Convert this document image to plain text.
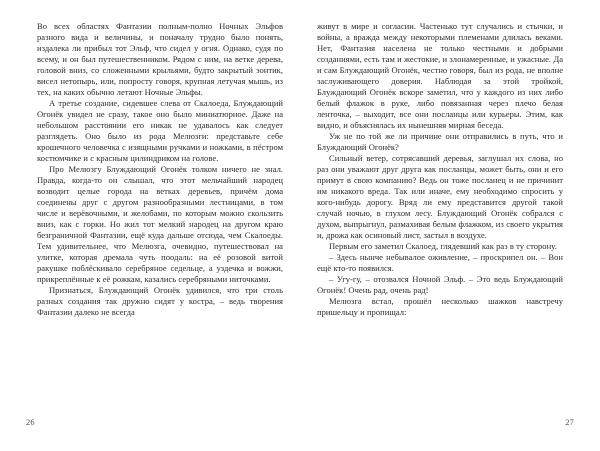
Во всех областях Фантазии полным-полно Ночных Эльфов разного вида и величины, и поначалу трудно было понять, издалека ли прибыл тот Эльф, что сидел у огня. Однако, судя по всему, и он был путешественником. Рядом с ним, на ветке дерева, головой вниз, со сложенными крыльями, будто закрытый зонтик, висел нетопырь, или, попросту говоря, крупная летучая мышь, из тех, на каких обычно летают Ночные Эльфы.

А третье создание, сидевшее слева от Скалоеда, Блуждающий Огонёк увидел не сразу, такое оно было миниатюрное. Даже на небольшом расстоянии его никак не удавалось как следует разглядеть. Оно было из рода Мелюзги: представьте себе крошечного человечка с изящными ручками и ножками, в пёстром костюмчике и с красным цилиндриком на голове.

Про Мелюзгу Блуждающий Огонёк толком ничего не знал. Правда, когда-то он слышал, что этот мельчайший народец возводит целые города на ветках деревьев, причём дома соединены друг с другом разнообразными лестницами, в том числе и верёвочными, и желобами, по которым можно скользить вниз, как с горки. Но жил тот мелкий народец на другом краю безграничной Фантазии, ещё куда дальше отсюда, чем Скалоеды. Тем удивительнее, что Мелюзга, очевидно, путешествовал на улитке, которая дремала чуть поодаль: на её розовой витой ракушке поблёскивало серебряное седельце, а уздечка и вожжи, прикреплённые к её рожкам, казались серебряными ниточками.

Признаться, Блуждающий Огонёк удивился, что три столь разных создания так дружно сидят у костра, – ведь творения Фантазии далеко не всегда

26

живут в мире и согласии. Частенько тут случались и стычки, и войны, а вражда между некоторыми племенами длилась веками. Нет, Фантазия населена не только честными и добрыми созданиями, есть там и жестокие, и злонамеренные, и ужасные. Да и сам Блуждающий Огонёк, честно говоря, был из рода, не вполне заслуживающего доверия. Наблюдая за этой тройкой, Блуждающий Огонёк вскоре заметил, что у каждого из них либо белый флажок в руке, либо повязанная через плечо белая ленточка, – выходит, все они посланцы или курьеры. Этим, как видно, и объяснялась их нынешняя мирная беседа.

Уж не по той же ли причине они отправились в путь, что и Блуждающий Огонёк?

Сильный ветер, сотрясавший деревья, заглушал их слова, но раз они уважают друг друга как посланцы, может быть, они и его примут в свою компанию? Ведь он тоже посланец и не причинит им никакого вреда. Так или иначе, ему необходимо спросить у кого-нибудь дорогу. Вряд ли ему представится другой такой случай ночью, в глухом лесу. Блуждающий Огонёк собрался с духом, выпрыгнул, размахивая белым флажком, из своего укрытия и, дрожа как осиновый лист, застыл в воздухе.

Первым его заметил Скалоед, глядевший как раз в ту сторону.

– Здесь нынче небывалое оживление, – проскрипел он. – Вон ещё кто-то появился.

– Угу-гу, – отозвался Ночной Эльф. – Это ведь Блуждающий Огонёк! Очень рад, очень рад!

Мелюзга встал, прошёл несколько шажков навстречу пришельцу и пропищал:

27
